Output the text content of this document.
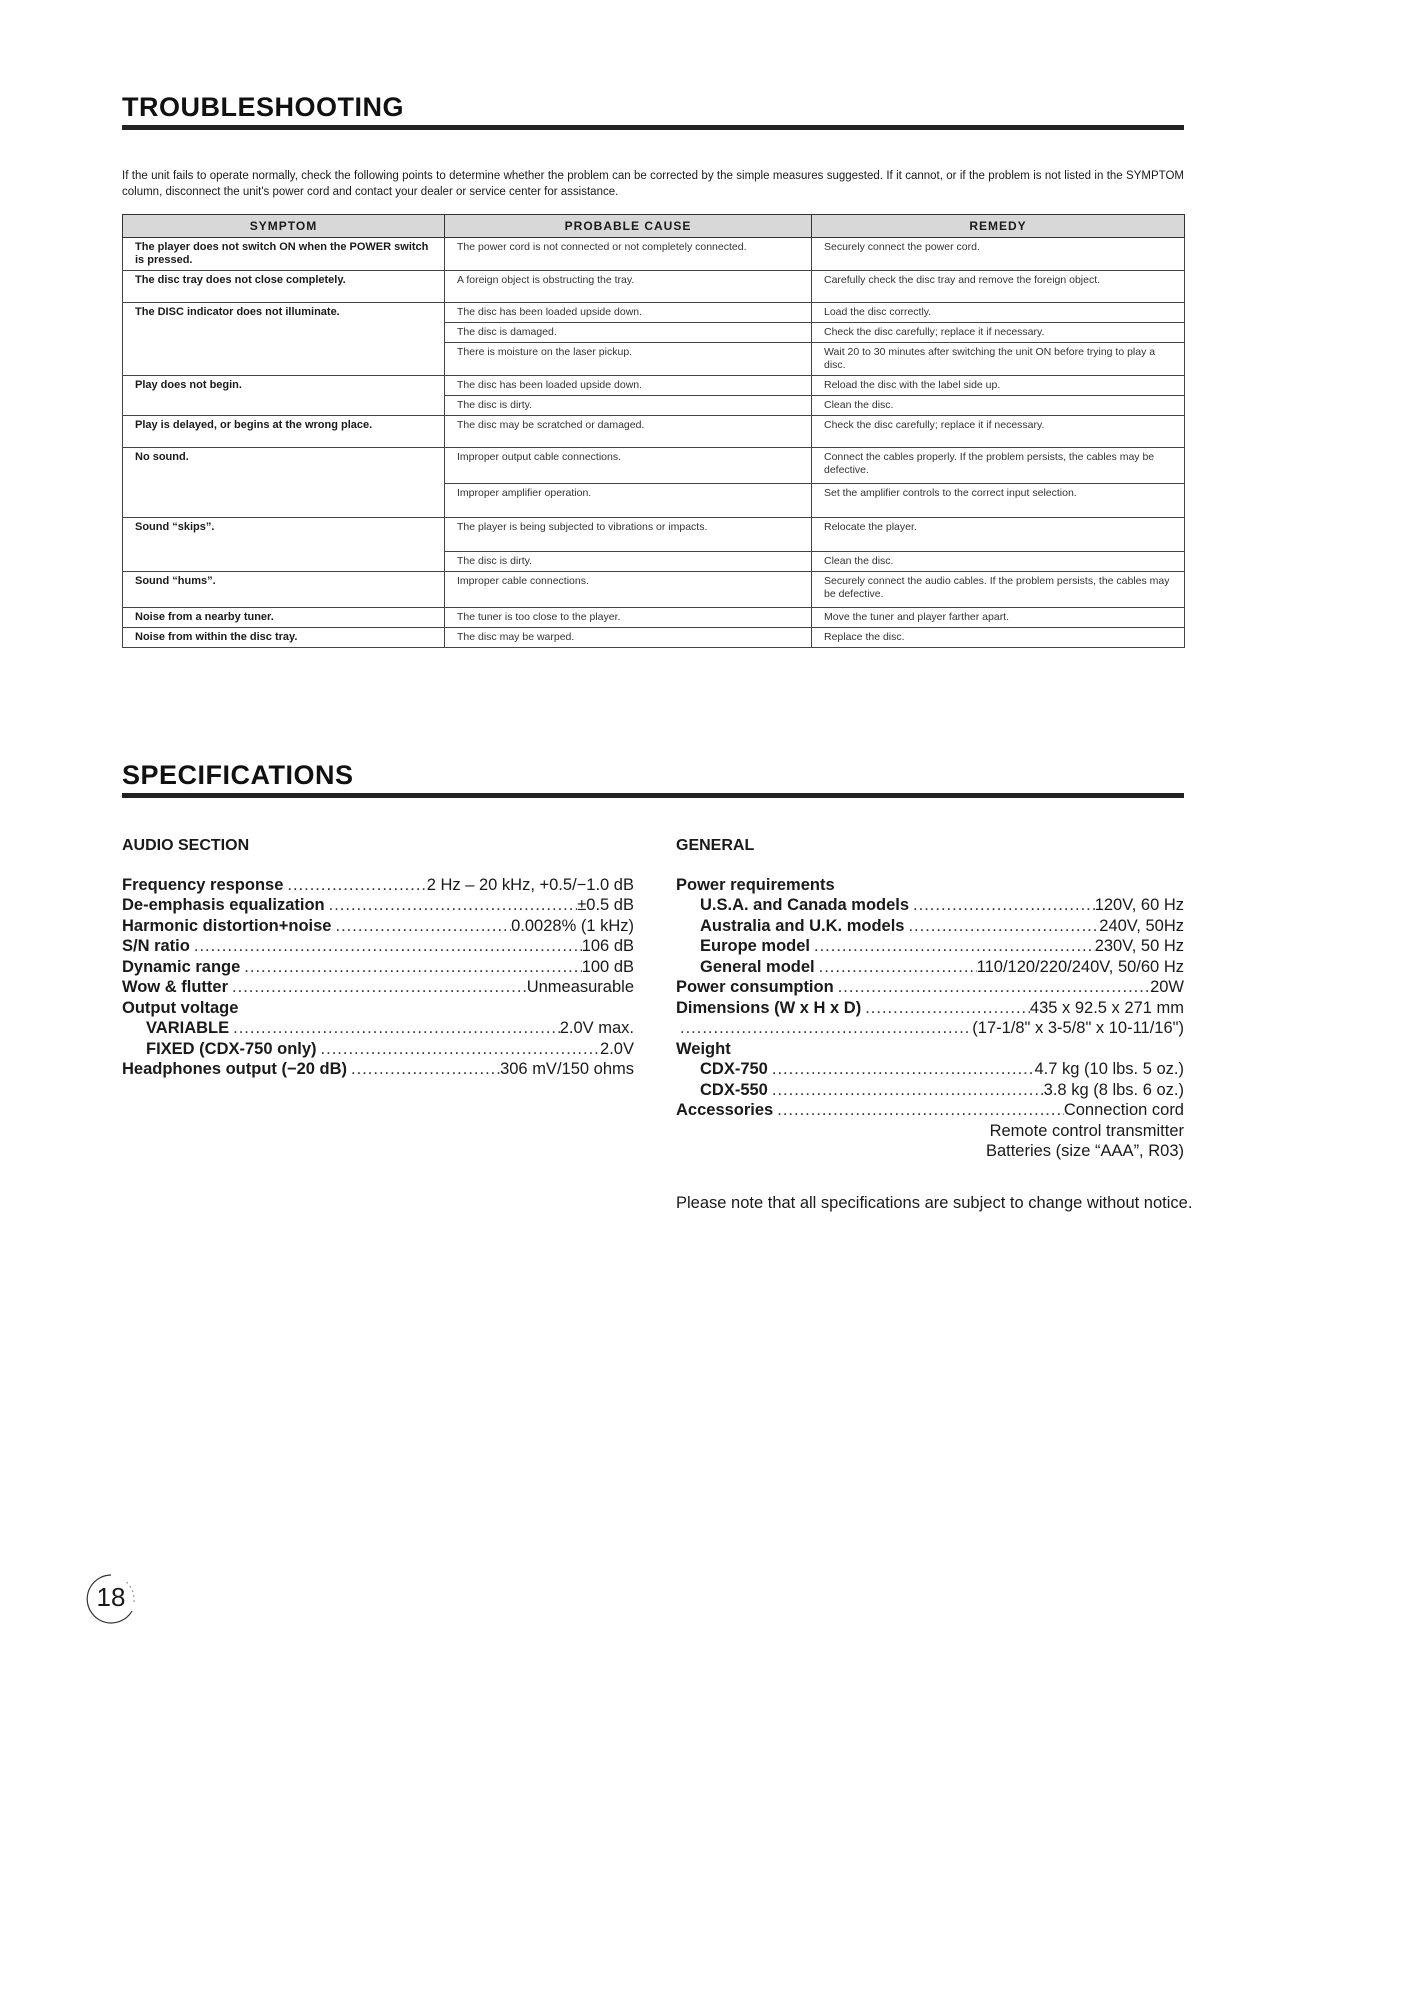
TROUBLESHOOTING
If the unit fails to operate normally, check the following points to determine whether the problem can be corrected by the simple measures suggested. If it cannot, or if the problem is not listed in the SYMPTOM column, disconnect the unit's power cord and contact your dealer or service center for assistance.
SYMPTOM	PROBABLE CAUSE	REMEDY
The player does not switch ON when the POWER switch is pressed.	The power cord is not connected or not completely connected.	Securely connect the power cord.
The disc tray does not close completely.	A foreign object is obstructing the tray.	Carefully check the disc tray and remove the foreign object.
The DISC indicator does not illuminate.	The disc has been loaded upside down.	Load the disc correctly.
	The disc is damaged.	Check the disc carefully; replace it if necessary.
	There is moisture on the laser pickup.	Wait 20 to 30 minutes after switching the unit ON before trying to play a disc.
Play does not begin.	The disc has been loaded upside down.	Reload the disc with the label side up.
	The disc is dirty.	Clean the disc.
Play is delayed, or begins at the wrong place.	The disc may be scratched or damaged.	Check the disc carefully; replace it if necessary.
No sound.	Improper output cable connections.	Connect the cables properly. If the problem persists, the cables may be defective.
	Improper amplifier operation.	Set the amplifier controls to the correct input selection.
Sound “skips”.	The player is being subjected to vibrations or impacts.	Relocate the player.
	The disc is dirty.	Clean the disc.
Sound “hums”.	Improper cable connections.	Securely connect the audio cables. If the problem persists, the cables may be defective.
Noise from a nearby tuner.	The tuner is too close to the player.	Move the tuner and player farther apart.
Noise from within the disc tray.	The disc may be warped.	Replace the disc.
SPECIFICATIONS
AUDIO SECTION
Frequency response .....	2 Hz – 20 kHz, +0.5/−1.0 dB
De-emphasis equalization .....	±0.5 dB
Harmonic distortion+noise .....	0.0028% (1 kHz)
S/N ratio .....	106 dB
Dynamic range .....	100 dB
Wow & flutter .....	Unmeasurable
Output voltage
VARIABLE .....	2.0V max.
FIXED (CDX-750 only) .....	2.0V
Headphones output (−20 dB) .....	306 mV/150 ohms
GENERAL
Power requirements
U.S.A. and Canada models .....	120V, 60 Hz
Australia and U.K. models .....	240V, 50Hz
Europe model .....	230V, 50 Hz
General model .....	110/120/220/240V, 50/60 Hz
Power consumption .....	20W
Dimensions (W x H x D) .....	435 x 92.5 x 271 mm
.....
(17-1/8" x 3-5/8" x 10-11/16")
Weight
CDX-750 .....	4.7 kg (10 lbs. 5 oz.)
CDX-550 .....	3.8 kg (8 lbs. 6 oz.)
Accessories .....	Connection cord
Remote control transmitter
Batteries (size “AAA”, R03)
Please note that all specifications are subject to change without notice.
18
